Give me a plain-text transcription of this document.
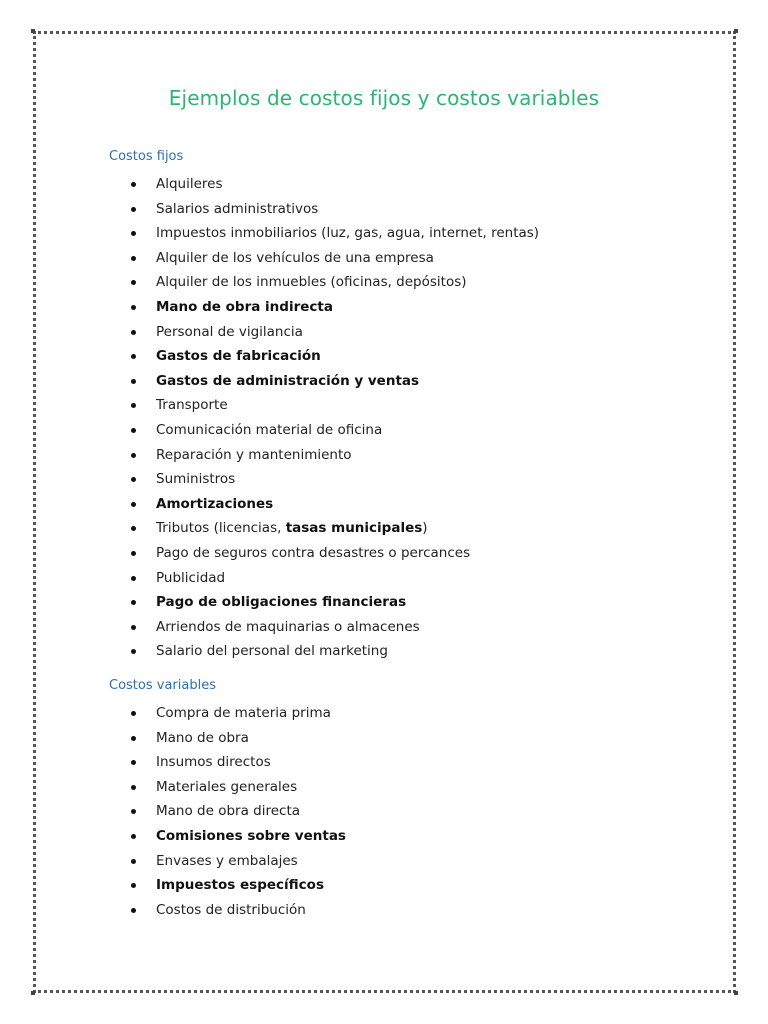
Ejemplos de costos fijos y costos variables
Costos fijos
Alquileres
Salarios administrativos
Impuestos inmobiliarios (luz, gas, agua, internet, rentas)
Alquiler de los vehículos de una empresa
Alquiler de los inmuebles (oficinas, depósitos)
Mano de obra indirecta
Personal de vigilancia
Gastos de fabricación
Gastos de administración y ventas
Transporte
Comunicación material de oficina
Reparación y mantenimiento
Suministros
Amortizaciones
Tributos (licencias, tasas municipales)
Pago de seguros contra desastres o percances
Publicidad
Pago de obligaciones financieras
Arriendos de maquinarias o almacenes
Salario del personal del marketing
Costos variables
Compra de materia prima
Mano de obra
Insumos directos
Materiales generales
Mano de obra directa
Comisiones sobre ventas
Envases y embalajes
Impuestos específicos
Costos de distribución
